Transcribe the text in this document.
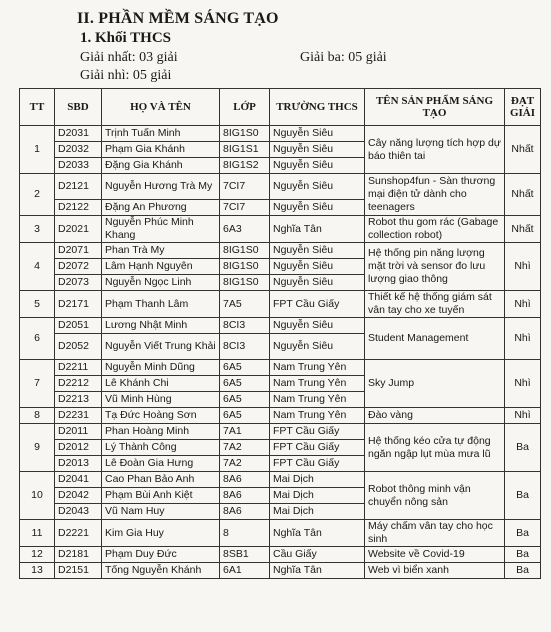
II. PHẦN MỀM SÁNG TẠO
1. Khối THCS
Giải nhất: 03 giải	Giải ba: 05 giải
Giải nhì: 05 giải
TT	SBD	HỌ VÀ TÊN	LỚP	TRƯỜNG THCS	TÊN SẢN PHẨM SÁNG TẠO	ĐẠT GIẢI
1	D2031	Trịnh Tuấn Minh	8IG1S0	Nguyễn Siêu	Cây năng lượng tích hợp dự báo thiên tai	Nhất
	D2032	Phạm Gia Khánh	8IG1S1	Nguyễn Siêu		
	D2033	Đặng Gia Khánh	8IG1S2	Nguyễn Siêu		
2	D2121	Nguyễn Hương Trà My	7CI7	Nguyễn Siêu	Sunshop4fun - Sàn thương mại điện tử dành cho teenagers	Nhất
	D2122	Đặng An Phương	7CI7	Nguyễn Siêu		
3	D2021	Nguyễn Phúc Minh Khang	6A3	Nghĩa Tân	Robot thu gom rác (Gabage collection robot)	Nhất
4	D2071	Phan Trà My	8IG1S0	Nguyễn Siêu	Hệ thống pin năng lượng mặt trời và sensor đo lưu lượng giao thông	Nhì
	D2072	Lâm Hạnh Nguyên	8IG1S0	Nguyễn Siêu		
	D2073	Nguyễn Ngọc Linh	8IG1S0	Nguyễn Siêu		
5	D2171	Phạm Thanh Lâm	7A5	FPT Cầu Giấy	Thiết kế hệ thống giám sát vân tay cho xe tuyến	Nhì
6	D2051	Lương Nhật Minh	8CI3	Nguyễn Siêu	Student Management	Nhì
	D2052	Nguyễn Viết Trung Khải	8CI3	Nguyễn Siêu		
7	D2211	Nguyễn Minh Dũng	6A5	Nam Trung Yên	Sky Jump	Nhì
	D2212	Lê Khánh Chi	6A5	Nam Trung Yên		
	D2213	Vũ Minh Hùng	6A5	Nam Trung Yên		
8	D2231	Tạ Đức Hoàng Sơn	6A5	Nam Trung Yên	Đào vàng	Nhì
9	D2011	Phan Hoàng Minh	7A1	FPT Cầu Giấy	Hệ thống kéo cửa tự động ngăn ngập lụt mùa mưa lũ	Ba
	D2012	Lý Thành Công	7A2	FPT Cầu Giấy		
	D2013	Lê Đoàn Gia Hưng	7A2	FPT Cầu Giấy		
10	D2041	Cao Phan Bảo Anh	8A6	Mai Dịch	Robot thông minh vận chuyển nông sản	Ba
	D2042	Phạm Bùi Anh Kiệt	8A6	Mai Dịch		
	D2043	Vũ Nam Huy	8A6	Mai Dịch		
11	D2221	Kim Gia Huy	8	Nghĩa Tân	Máy chấm vân tay cho học sinh	Ba
12	D2181	Phạm Duy Đức	8SB1	Cầu Giấy	Website về Covid-19	Ba
13	D2151	Tống Nguyễn Khánh	6A1	Nghĩa Tân	Web vì biển xanh	Ba
